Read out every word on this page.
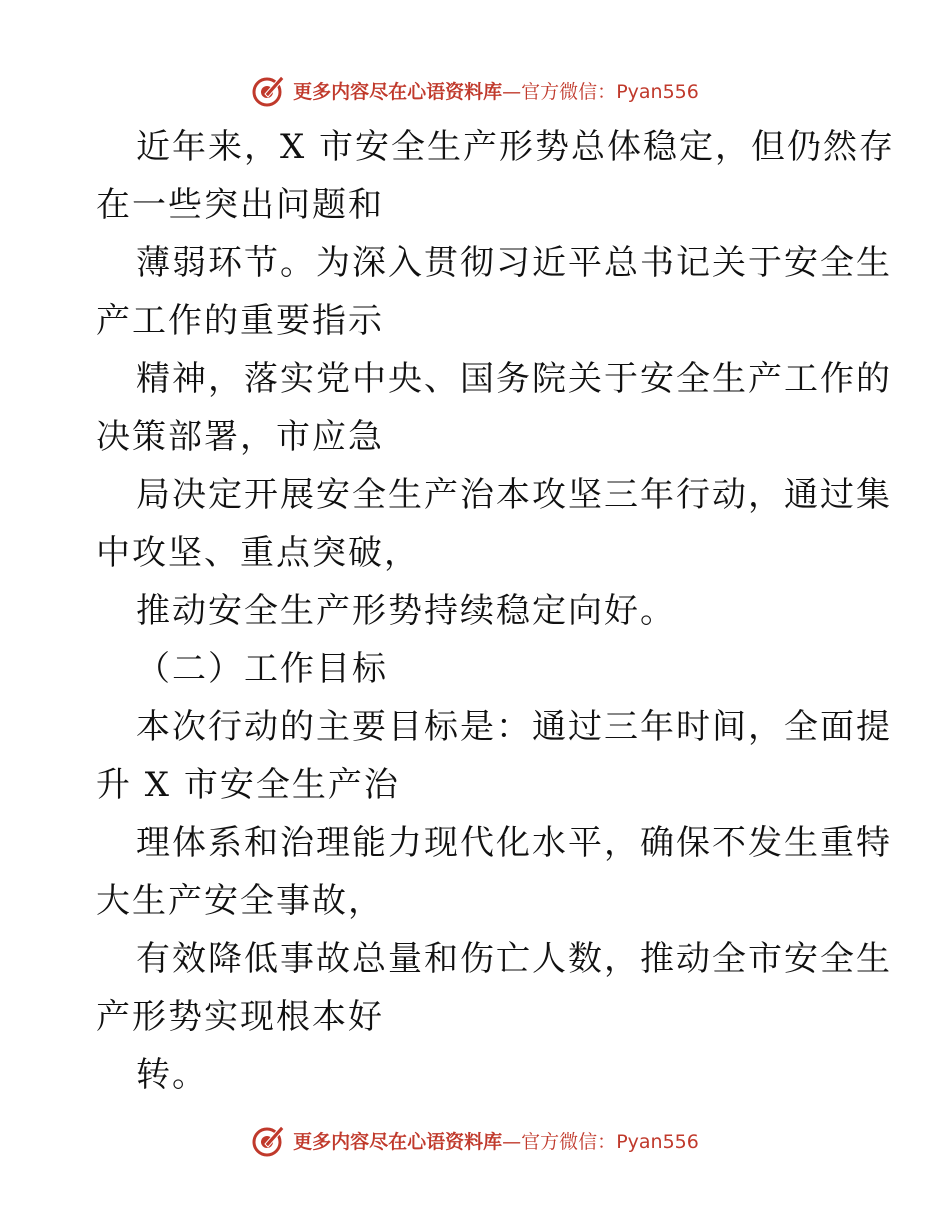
更多内容尽在心语资料库—官方微信：Pyan556
近年来，X 市安全生产形势总体稳定，但仍然存
在一些突出问题和
薄弱环节。为深入贯彻习近平总书记关于安全生
产工作的重要指示
精神，落实党中央、国务院关于安全生产工作的
决策部署，市应急
局决定开展安全生产治本攻坚三年行动，通过集
中攻坚、重点突破，
推动安全生产形势持续稳定向好。
（二）工作目标
本次行动的主要目标是：通过三年时间，全面提
升 X 市安全生产治
理体系和治理能力现代化水平，确保不发生重特
大生产安全事故，
有效降低事故总量和伤亡人数，推动全市安全生
产形势实现根本好
转。
更多内容尽在心语资料库—官方微信：Pyan556
